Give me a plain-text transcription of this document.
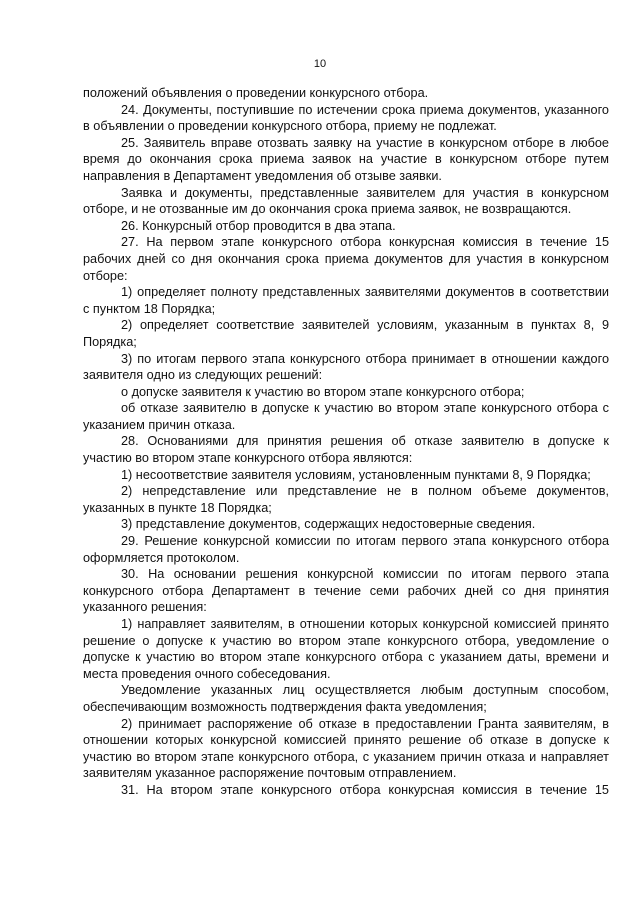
10

положений объявления о проведении конкурсного отбора.

24. Документы, поступившие по истечении срока приема документов, указанного в объявлении о проведении конкурсного отбора, приему не подлежат.

25. Заявитель вправе отозвать заявку на участие в конкурсном отборе в любое время до окончания срока приема заявок на участие в конкурсном отборе путем направления в Департамент уведомления об отзыве заявки.

Заявка и документы, представленные заявителем для участия в конкурсном отборе, и не отозванные им до окончания срока приема заявок, не возвращаются.

26. Конкурсный отбор проводится в два этапа.

27. На первом этапе конкурсного отбора конкурсная комиссия в течение 15 рабочих дней со дня окончания срока приема документов для участия в конкурсном отборе:

1) определяет полноту представленных заявителями документов в соответствии с пунктом 18 Порядка;

2) определяет соответствие заявителей условиям, указанным в пунктах 8, 9 Порядка;

3) по итогам первого этапа конкурсного отбора принимает в отношении каждого заявителя одно из следующих решений:

о допуске заявителя к участию во втором этапе конкурсного отбора;

об отказе заявителю в допуске к участию во втором этапе конкурсного отбора с указанием причин отказа.

28. Основаниями для принятия решения об отказе заявителю в допуске к участию во втором этапе конкурсного отбора являются:

1) несоответствие заявителя условиям, установленным пунктами 8, 9 Порядка;

2) непредставление или представление не в полном объеме документов, указанных в пункте 18 Порядка;

3) представление документов, содержащих недостоверные сведения.

29. Решение конкурсной комиссии по итогам первого этапа конкурсного отбора оформляется протоколом.

30. На основании решения конкурсной комиссии по итогам первого этапа конкурсного отбора Департамент в течение семи рабочих дней со дня принятия указанного решения:

1) направляет заявителям, в отношении которых конкурсной комиссией принято решение о допуске к участию во втором этапе конкурсного отбора, уведомление о допуске к участию во втором этапе конкурсного отбора с указанием даты, времени и места проведения очного собеседования.

Уведомление указанных лиц осуществляется любым доступным способом, обеспечивающим возможность подтверждения факта уведомления;

2) принимает распоряжение об отказе в предоставлении Гранта заявителям, в отношении которых конкурсной комиссией принято решение об отказе в допуске к участию во втором этапе конкурсного отбора, с указанием причин отказа и направляет заявителям указанное распоряжение почтовым отправлением.

31. На втором этапе конкурсного отбора конкурсная комиссия в течение 15
